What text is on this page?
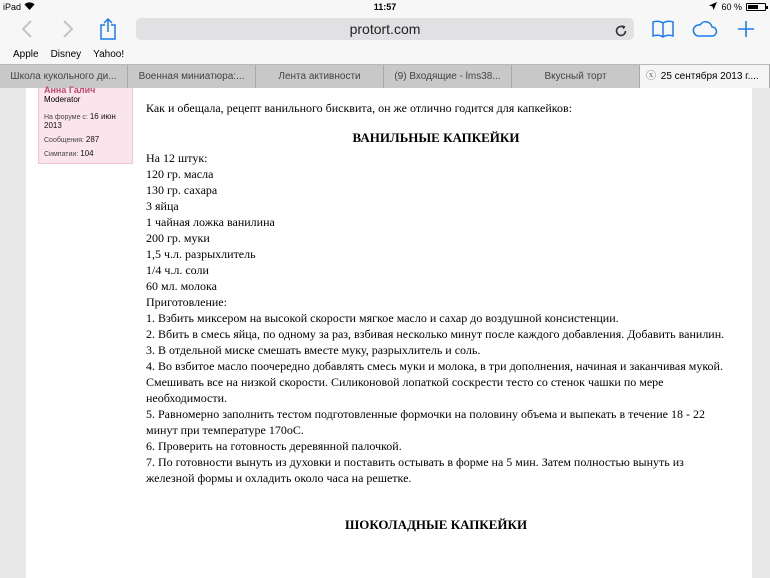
iPad	11:57	60 %
protort.com
Apple Disney Yahoo!
Школа кукольного ди...	Военная миниатюра:...	Лента активности	(9) Входящие - lms38...	Вкусный торт	ⓧ 25 сентября 2013 г....
Анна Галич
Moderator
На форуме с: 16 июн 2013
Сообщения: 287
Симпатии: 104
Как и обещала, рецепт ванильного бисквита, он же отлично годится для капкейков:
ВАНИЛЬНЫЕ КАПКЕЙКИ
На 12 штук:
120 гр. масла
130 гр. сахара
3 яйца
1 чайная ложка ванилина
200 гр. муки
1,5 ч.л. разрыхлитель
1/4 ч.л. соли
60 мл. молока
Приготовление:
1. Взбить миксером на высокой скорости мягкое масло и сахар до воздушной консистенции.
2. Вбить в смесь яйца, по одному за раз, взбивая несколько минут после каждого добавления. Добавить ванилин.
3. В отдельной миске смешать вместе муку, разрыхлитель и соль.
4. Во взбитое масло поочередно добавлять смесь муки и молока, в три дополнения, начиная и заканчивая мукой. Смешивать все на низкой скорости. Силиконовой лопаткой соскрести тесто со стенок чашки по мере необходимости.
5. Равномерно заполнить тестом подготовленные формочки на половину объема и выпекать в течение 18 - 22 минут при температуре 170oC.
6. Проверить на готовность деревянной палочкой.
7. По готовности вынуть из духовки и поставить остывать в форме на 5 мин. Затем полностью вынуть из железной формы и охладить около часа на решетке.
ШОКОЛАДНЫЕ КАПКЕЙКИ
